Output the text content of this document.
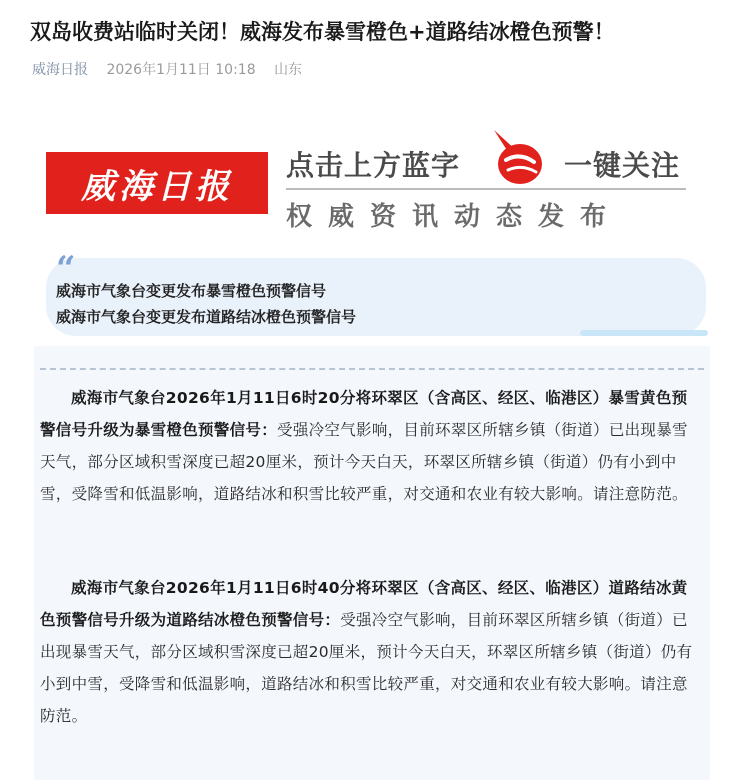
双岛收费站临时关闭！威海发布暴雪橙色+道路结冰橙色预警！
威海日报 2026年1月11日 10:18 山东
威海日报
点击上方蓝字	一键关注
权威资讯动态发布
“
威海市气象台变更发布暴雪橙色预警信号
威海市气象台变更发布道路结冰橙色预警信号
威海市气象台2026年1月11日6时20分将环翠区（含高区、经区、临港区）暴雪黄色预警信号升级为暴雪橙色预警信号：受强冷空气影响，目前环翠区所辖乡镇（街道）已出现暴雪天气，部分区域积雪深度已超20厘米，预计今天白天，环翠区所辖乡镇（街道）仍有小到中雪，受降雪和低温影响，道路结冰和积雪比较严重，对交通和农业有较大影响。请注意防范。
威海市气象台2026年1月11日6时40分将环翠区（含高区、经区、临港区）道路结冰黄色预警信号升级为道路结冰橙色预警信号：受强冷空气影响，目前环翠区所辖乡镇（街道）已出现暴雪天气，部分区域积雪深度已超20厘米，预计今天白天，环翠区所辖乡镇（街道）仍有小到中雪，受降雪和低温影响，道路结冰和积雪比较严重，对交通和农业有较大影响。请注意防范。
